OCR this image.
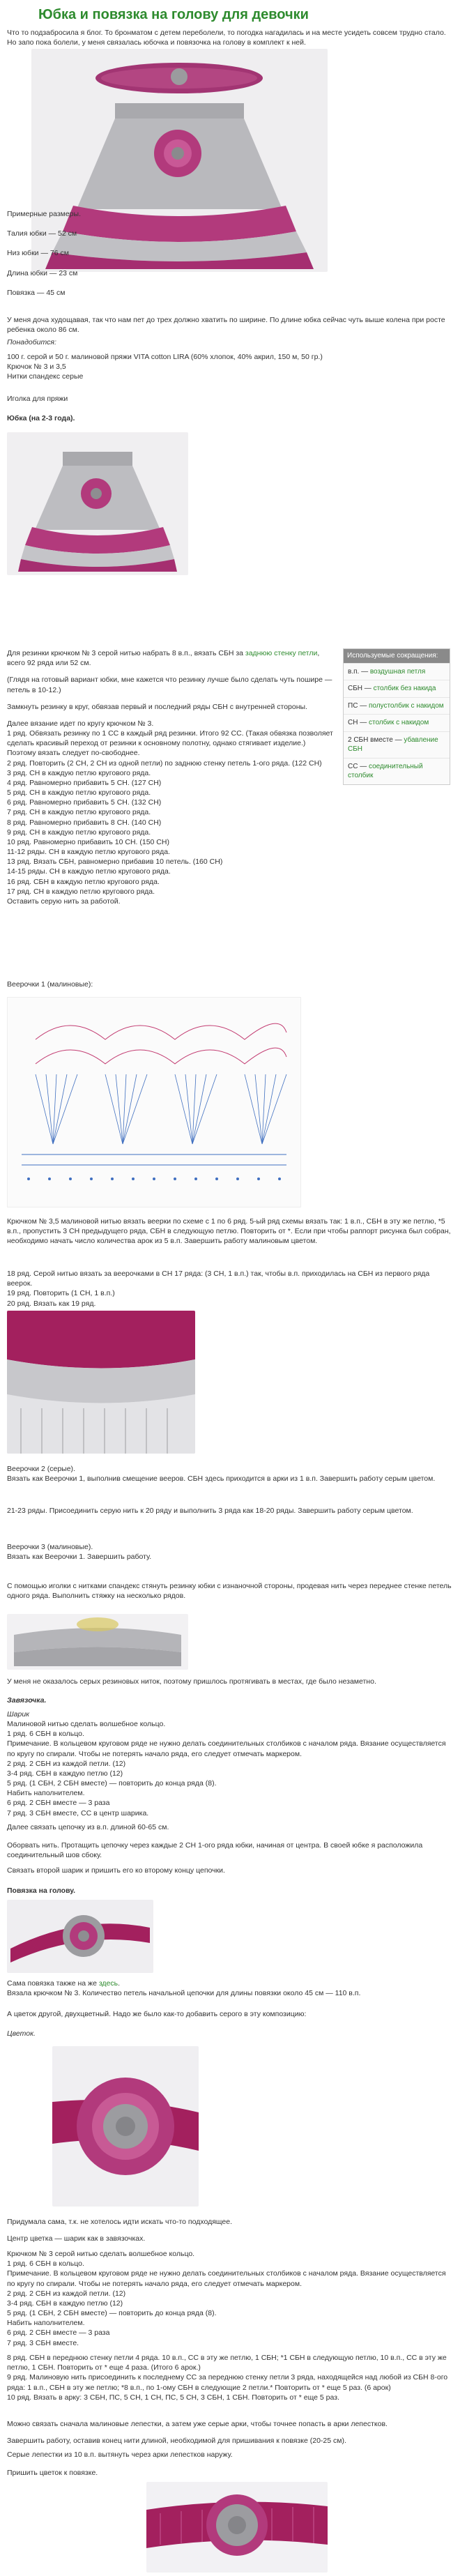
Юбка и повязка на голову для девочки

Что то подзабросила я блог. То бронматом с детем переболели, то погодка нагадилась и на месте усидеть совсем трудно стало. Но запо пока болели, у меня связалась юбочка и повязочка на голову в комплект к ней.

Примерные размеры.
Талия юбки — 52 см
Низ юбки — 76 см
Длина юбки — 23 см
Повязка — 45 см

У меня доча худощавая, так что нам пет до трех должно хватить по ширине. По длине юбка сейчас чуть выше колена при росте ребенка около 86 см.

Понадобится:

100 г. серой и 50 г. малиновой пряжи VITA cotton LIRA (60% хлопок, 40% акрил, 150 м, 50 гр.)
Крючок № 3 и 3,5
Нитки спандекс серые

Иголка для пряжи

Юбка (на 2-3 года).

Для резинки крючком № 3 серой нитью набрать 8 в.п., вязать СБН за заднюю стенку петли, всего 92 ряда или 52 см.
(Глядя на готовый вариант юбки, мне кажется что резинку лучше было сделать чуть пошире — петель в 10-12.)
Замкнуть резинку в круг, обвязав первый и последний ряды СБН с внутренней стороны.
Далее вязание идет по кругу крючком № 3.
1 ряд. Обвязать резинку по 1 СС в каждый ряд резинки. Итого 92 СС. (Такая обвязка позволяет сделать красивый переход от резинки к основному полотну, однако стягивает изделие.) Поэтому вязать следует по-свободнее.
2 ряд. Повторить (2 СН, 2 СН из одной петли) по заднюю стенку петель 1-ого ряда. (122 СН)
3 ряд. СН в каждую петлю кругового ряда.
4 ряд. Равномерно прибавить 5 СН. (127 СН)
5 ряд. СН в каждую петлю кругового ряда.
6 ряд. Равномерно прибавить 5 СН. (132 СН)
7 ряд. СН в каждую петлю кругового ряда.
8 ряд. Равномерно прибавить 8 СН. (140 СН)
9 ряд. СН в каждую петлю кругового ряда.
10 ряд. Равномерно прибавить 10 СН. (150 СН)
11-12 ряды. СН в каждую петлю кругового ряда.
13 ряд. Вязать СБН, равномерно прибавив 10 петель. (160 СН)
14-15 ряды. СН в каждую петлю кругового ряда.
16 ряд. СБН в каждую петлю кругового ряда.
17 ряд. СН в каждую петлю кругового ряда.
Оставить серую нить за работой.
Используемые сокращения:
в.п. — воздушная петля
СБН — столбик без накида
ПС — полустолбик с накидом
СН — столбик с накидом
2 СБН вместе — убавление СБН
СС — соединительный столбик

Веерочки 1 (малиновые):

Крючком № 3,5 малиновой нитью вязать веерки по схеме с 1 по 6 ряд. 5-ый ряд схемы вязать так: 1 в.п., СБН в эту же петлю, *5 в.п., пропустить 3 СН предыдущего ряда, СБН в следующую петлю. Повторить от *. Если при чтобы раппорт рисунка был собран, необходимо начать число количества арок из 5 в.п. Завершить работу малиновым цветом.

18 ряд. Серой нитью вязать за веерочками в СН 17 ряда: (3 СН, 1 в.п.) так, чтобы в.п. приходилась на СБН из первого ряда веерок.
19 ряд. Повторить (1 СН, 1 в.п.)
20 ряд. Вязать как 19 ряд.

Веерочки 2 (серые).

Вязать как Веерочки 1, выполнив смещение вееров. СБН здесь приходится в арки из 1 в.п. Завершить работу серым цветом.

21-23 ряды. Присоединить серую нить к 20 ряду и выполнить 3 ряда как 18-20 ряды. Завершить работу серым цветом.

Веерочки 3 (малиновые).

Вязать как Веерочки 1. Завершить работу.

С помощью иголки с нитками спандекс стянуть резинку юбки с изнаночной стороны, продевая нить через переднее стенке петель одного ряда. Выполнить стяжку на несколько рядов.

У меня не оказалось серых резиновых ниток, поэтому пришлось протягивать в местах, где было незаметно.

Завязочка.

Шарик

Малиновой нитью сделать волшебное кольцо.
1 ряд. 6 СБН в кольцо.
Примечание. В кольцевом круговом ряде не нужно делать соединительных столбиков с началом ряда. Вязание осуществляется по кругу по спирали. Чтобы не потерять начало ряда, его следует отмечать маркером.
2 ряд. 2 СБН из каждой петли. (12)
3-4 ряд. СБН в каждую петлю (12)
5 ряд. (1 СБН, 2 СБН вместе) — повторить до конца ряда (8).
Набить наполнителем.
6 ряд. 2 СБН вместе — 3 раза
7 ряд. 3 СБН вместе, СС в центр шарика.

Далее связать цепочку из в.п. длиной 60-65 см.

Оборвать нить. Протащить цепочку через каждые 2 СН 1-ого ряда юбки, начиная от центра. В своей юбке я расположила соединительный шов сбоку.

Связать второй шарик и пришить его ко второму концу цепочки.

Повязка на голову.

Сама повязка также на же здесь.

Вязала крючком № 3. Количество петель начальной цепочки для длины повязки около 45 см — 110 в.п.

А цветок другой, двухцветный. Надо же было как-то добавить серого в эту композицию:

Цветок.

Придумала сама, т.к. не хотелось идти искать что-то подходящее.

Центр цветка — шарик как в завязочках.

Крючком № 3 серой нитью сделать волшебное кольцо.
1 ряд. 6 СБН в кольцо.
Примечание. В кольцевом круговом ряде не нужно делать соединительных столбиков с началом ряда. Вязание осуществляется по кругу по спирали. Чтобы не потерять начало ряда, его следует отмечать маркером.
2 ряд. 2 СБН из каждой петли. (12)
3-4 ряд. СБН в каждую петлю (12)
5 ряд. (1 СБН, 2 СБН вместе) — повторить до конца ряда (8).
Набить наполнителем.
6 ряд. 2 СБН вместе — 3 раза
7 ряд. 3 СБН вместе.

8 ряд. СБН в переднюю стенку петли 4 ряда. 10 в.п., СС в эту же петлю, 1 СБН; *1 СБН в следующую петлю, 10 в.п., СС в эту же петлю, 1 СБН. Повторить от * еще 4 раза. (Итого 6 арок.)
9 ряд. Малиновую нить присоединить к последнему СС за переднюю стенку петли 3 ряда, находящейся над любой из СБН 8-ого ряда: 1 в.п., СБН в эту же петлю; *8 в.п., по 1-ому СБН в следующие 2 петли.* Повторить от * еще 5 раз. (6 арок)
10 ряд. Вязать в арку: 3 СБН, ПС, 5 СН, 1 СН, ПС, 5 СН, 3 СБН, 1 СБН. Повторить от * еще 5 раз.

Можно связать сначала малиновые лепестки, а затем уже серые арки, чтобы точнее попасть в арки лепестков.

Завершить работу, оставив конец нити длиной, необходимой для пришивания к повязке (20-25 см).

Серые лепестки из 10 в.п. вытянуть через арки лепестков наружу.

Пришить цветок к повязке.
